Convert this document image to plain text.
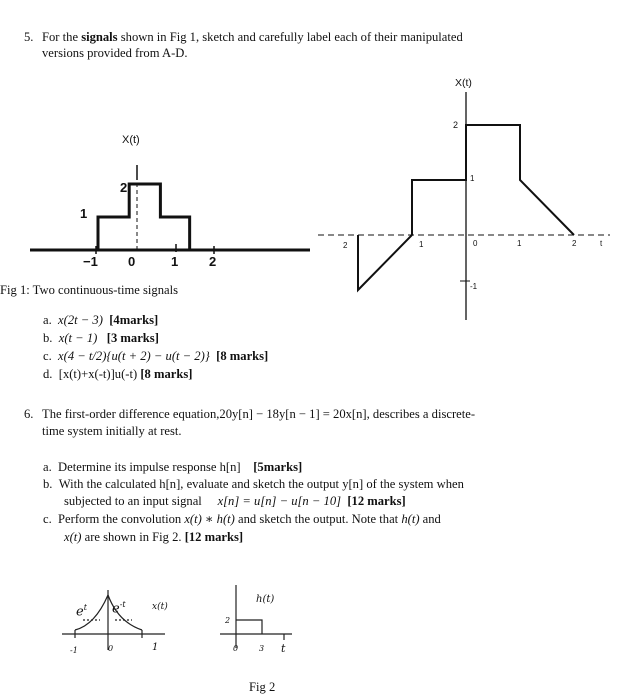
5. For the signals shown in Fig 1, sketch and carefully label each of their manipulated
versions provided from A-D.
X(t)
2
1
−1 0	1 2
X(t)
2
1
-1
2	1	0	1	2	t
Fig 1: Two continuous-time signals
a. x(2t − 3) [4marks]
b. x(t − 1) [3 marks]
c. x(4 − t/2){u(t + 2) − u(t − 2)} [8 marks]
d. [x(t)+x(-t)]u(-t) [8 marks]
6. The first-order difference equation,20y[n] − 18y[n − 1] = 20x[n], describes a discrete-
time system initially at rest.
a. Determine its impulse response h[n] [5marks]
b. With the calculated h[n], evaluate and sketch the output y[n] of the system when
subjected to an input signal x[n] = u[n] − u[n − 10] [12 marks]
c. Perform the convolution x(t) ∗ h(t) and sketch the output. Note that h(t) and
x(t) are shown in Fig 2. [12 marks]
$e^t$ $e^{-t}$	x(t)
-1	0	1
h(t)
2
0	3 t
Fig 2
